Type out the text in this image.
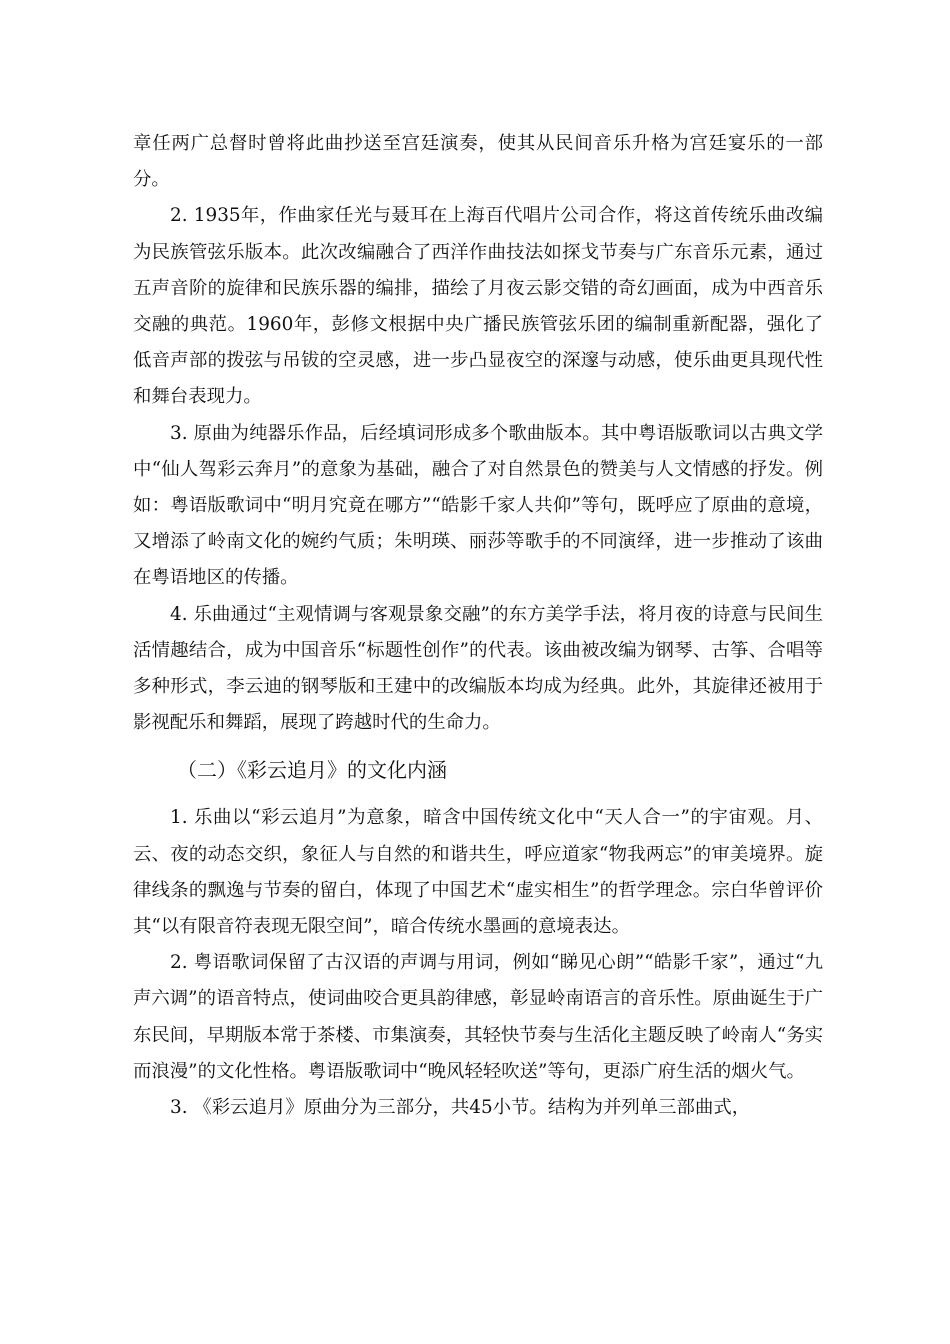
章任两广总督时曾将此曲抄送至宫廷演奏，使其从民间音乐升格为宫廷宴乐的一部分。

2. 1935年，作曲家任光与聂耳在上海百代唱片公司合作，将这首传统乐曲改编为民族管弦乐版本。此次改编融合了西洋作曲技法如探戈节奏与广东音乐元素，通过五声音阶的旋律和民族乐器的编排，描绘了月夜云影交错的奇幻画面，成为中西音乐交融的典范。1960年，彭修文根据中央广播民族管弦乐团的编制重新配器，强化了低音声部的拨弦与吊钹的空灵感，进一步凸显夜空的深邃与动感，使乐曲更具现代性和舞台表现力。

3. 原曲为纯器乐作品，后经填词形成多个歌曲版本。其中粤语版歌词以古典文学中“仙人驾彩云奔月”的意象为基础，融合了对自然景色的赞美与人文情感的抒发。例如：粤语版歌词中“明月究竟在哪方”“皓影千家人共仰”等句，既呼应了原曲的意境，又增添了岭南文化的婉约气质；朱明瑛、丽莎等歌手的不同演绎，进一步推动了该曲在粤语地区的传播。

4. 乐曲通过“主观情调与客观景象交融”的东方美学手法，将月夜的诗意与民间生活情趣结合，成为中国音乐“标题性创作”的代表。该曲被改编为钢琴、古筝、合唱等多种形式，李云迪的钢琴版和王建中的改编版本均成为经典。此外，其旋律还被用于影视配乐和舞蹈，展现了跨越时代的生命力。

（二）《彩云追月》的文化内涵

1. 乐曲以“彩云追月”为意象，暗含中国传统文化中“天人合一”的宇宙观。月、云、夜的动态交织，象征人与自然的和谐共生，呼应道家“物我两忘”的审美境界。旋律线条的飘逸与节奏的留白，体现了中国艺术“虚实相生”的哲学理念。宗白华曾评价其“以有限音符表现无限空间”，暗合传统水墨画的意境表达。

2. 粤语歌词保留了古汉语的声调与用词，例如“睇见心朗”“皓影千家”，通过“九声六调”的语音特点，使词曲咬合更具韵律感，彰显岭南语言的音乐性。原曲诞生于广东民间，早期版本常于茶楼、市集演奏，其轻快节奏与生活化主题反映了岭南人“务实而浪漫”的文化性格。粤语版歌词中“晚风轻轻吹送”等句，更添广府生活的烟火气。

3. 《彩云追月》原曲分为三部分，共45小节。结构为并列单三部曲式，
